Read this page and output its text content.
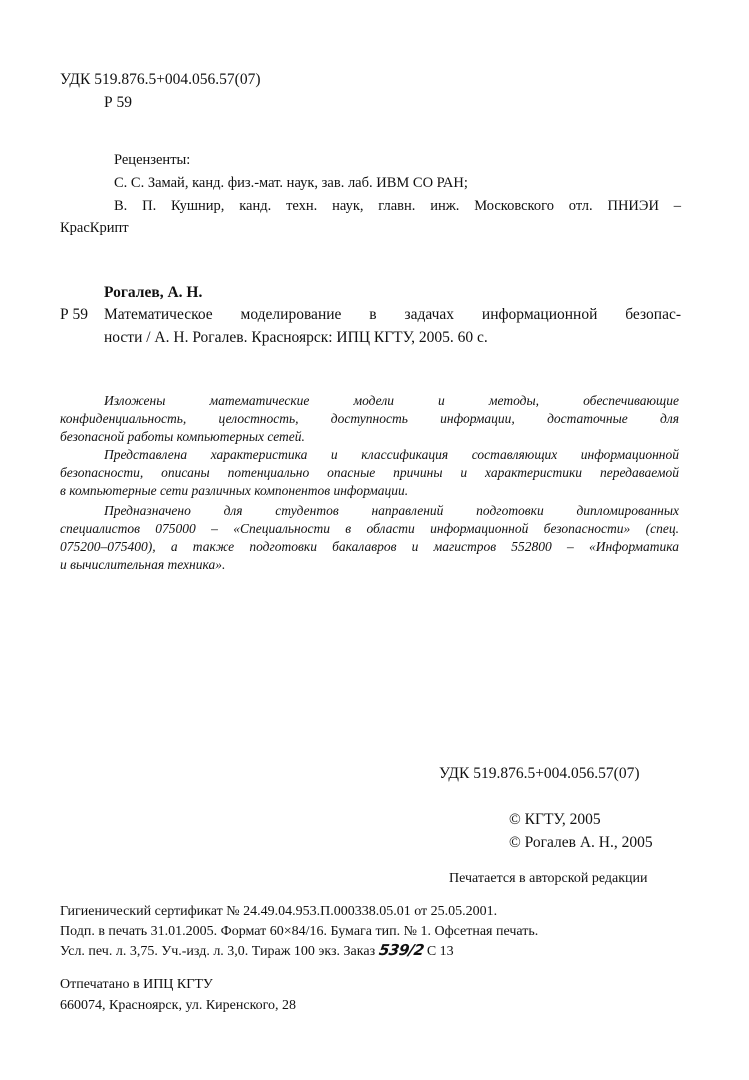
УДК 519.876.5+004.056.57(07)
Р 59
Рецензенты:
С. С. Замай, канд. физ.-мат. наук, зав. лаб. ИВМ СО РАН;
В. П. Кушнир, канд. техн. наук, главн. инж. Московского отл. ПНИЭИ –
КрасКрипт
Рогалев, А. Н.
Р 59 Математическое моделирование в задачах информационной безопас-
ности / А. Н. Рогалев. Красноярск: ИПЦ КГТУ, 2005. 60 с.
Изложены математические модели и методы, обеспечивающие
конфиденциальность, целостность, доступность информации, достаточные для
безопасной работы компьютерных сетей.
Представлена характеристика и классификация составляющих информационной
безопасности, описаны потенциально опасные причины и характеристики передаваемой
в компьютерные сети различных компонентов информации.
Предназначено для студентов направлений подготовки дипломированных
специалистов 075000 – «Специальности в области информационной безопасности» (спец.
075200–075400), а также подготовки бакалавров и магистров 552800 – «Информатика
и вычислительная техника».
УДК 519.876.5+004.056.57(07)
© КГТУ, 2005
© Рогалев А. Н., 2005
Печатается в авторской редакции
Гигиенический сертификат № 24.49.04.953.П.000338.05.01 от 25.05.2001.
Подп. в печать 31.01.2005. Формат 60×84/16. Бумага тип. № 1. Офсетная печать.
Усл. печ. л. 3,75. Уч.-изд. л. 3,0. Тираж 100 экз. Заказ 539/2 С 13
Отпечатано в ИПЦ КГТУ
660074, Красноярск, ул. Киренского, 28
